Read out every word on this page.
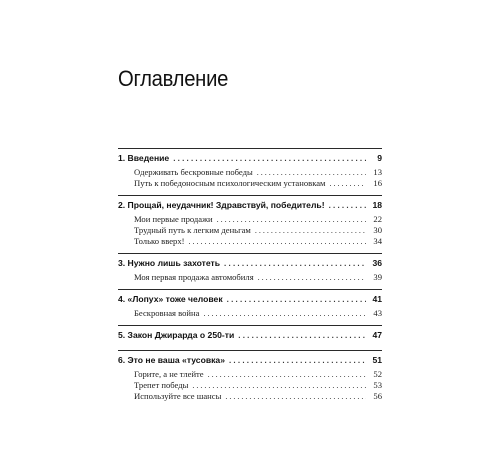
Оглавление
1. Введение . . .	9
Одерживать бескровные победы . . .	13
Путь к победоносным психологическим установкам . . .	16
2. Прощай, неудачник! Здравствуй, победитель! . . .	18
Мои первые продажи . . .	22
Трудный путь к легким деньгам . . .	30
Только вверх! . . .	34
3. Нужно лишь захотеть . . .	36
Моя первая продажа автомобиля . . .	39
4. «Лопух» тоже человек . . .	41
Бескровная война . . .	43
5. Закон Джирарда о 250-ти . . .	47
6. Это не ваша «тусовка» . . .	51
Горите, а не тлейте . . .	52
Трепет победы . . .	53
Используйте все шансы . . .	56
